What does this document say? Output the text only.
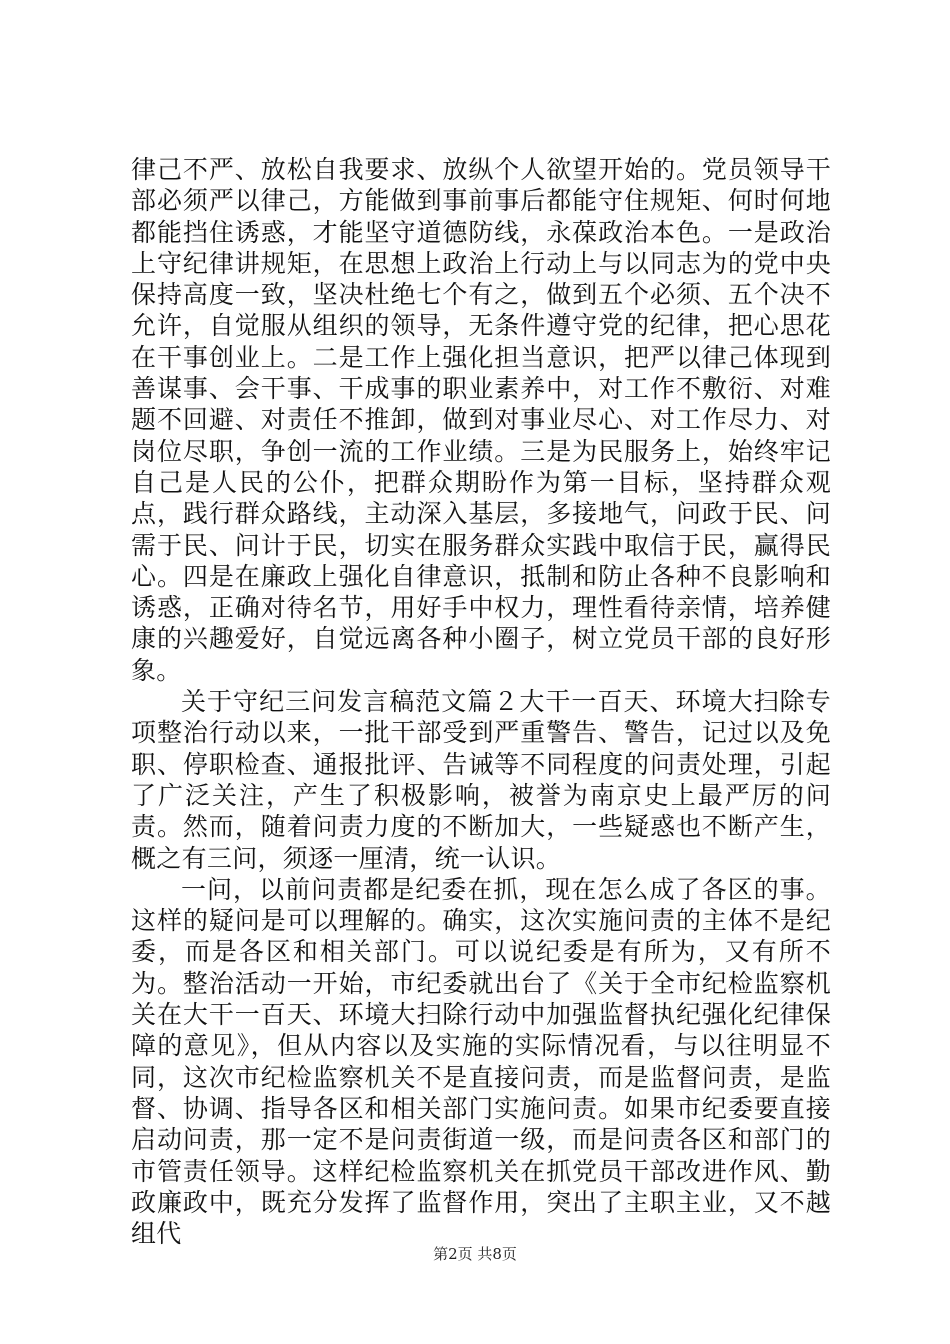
律己不严、放松自我要求、放纵个人欲望开始的。党员领导干部必须严以律己，方能做到事前事后都能守住规矩、何时何地都能挡住诱惑，才能坚守道德防线，永葆政治本色。一是政治上守纪律讲规矩，在思想上政治上行动上与以同志为的党中央保持高度一致，坚决杜绝七个有之，做到五个必须、五个决不允许，自觉服从组织的领导，无条件遵守党的纪律，把心思花在干事创业上。二是工作上强化担当意识，把严以律己体现到善谋事、会干事、干成事的职业素养中，对工作不敷衍、对难题不回避、对责任不推卸，做到对事业尽心、对工作尽力、对岗位尽职，争创一流的工作业绩。三是为民服务上，始终牢记自己是人民的公仆，把群众期盼作为第一目标，坚持群众观点，践行群众路线，主动深入基层，多接地气，问政于民、问需于民、问计于民，切实在服务群众实践中取信于民，赢得民心。四是在廉政上强化自律意识，抵制和防止各种不良影响和诱惑，正确对待名节，用好手中权力，理性看待亲情，培养健康的兴趣爱好，自觉远离各种小圈子，树立党员干部的良好形象。

关于守纪三问发言稿范文篇２大干一百天、环境大扫除专项整治行动以来，一批干部受到严重警告、警告，记过以及免职、停职检查、通报批评、告诫等不同程度的问责处理，引起了广泛关注，产生了积极影响，被誉为南京史上最严厉的问责。然而，随着问责力度的不断加大，一些疑惑也不断产生，概之有三问，须逐一厘清，统一认识。

一问，以前问责都是纪委在抓，现在怎么成了各区的事。这样的疑问是可以理解的。确实，这次实施问责的主体不是纪委，而是各区和相关部门。可以说纪委是有所为，又有所不为。整治活动一开始，市纪委就出台了《关于全市纪检监察机关在大干一百天、环境大扫除行动中加强监督执纪强化纪律保障的意见》，但从内容以及实施的实际情况看，与以往明显不同，这次市纪检监察机关不是直接问责，而是监督问责，是监督、协调、指导各区和相关部门实施问责。如果市纪委要直接启动问责，那一定不是问责街道一级，而是问责各区和部门的市管责任领导。这样纪检监察机关在抓党员干部改进作风、勤政廉政中，既充分发挥了监督作用，突出了主职主业，又不越组代

第2页 共8页
